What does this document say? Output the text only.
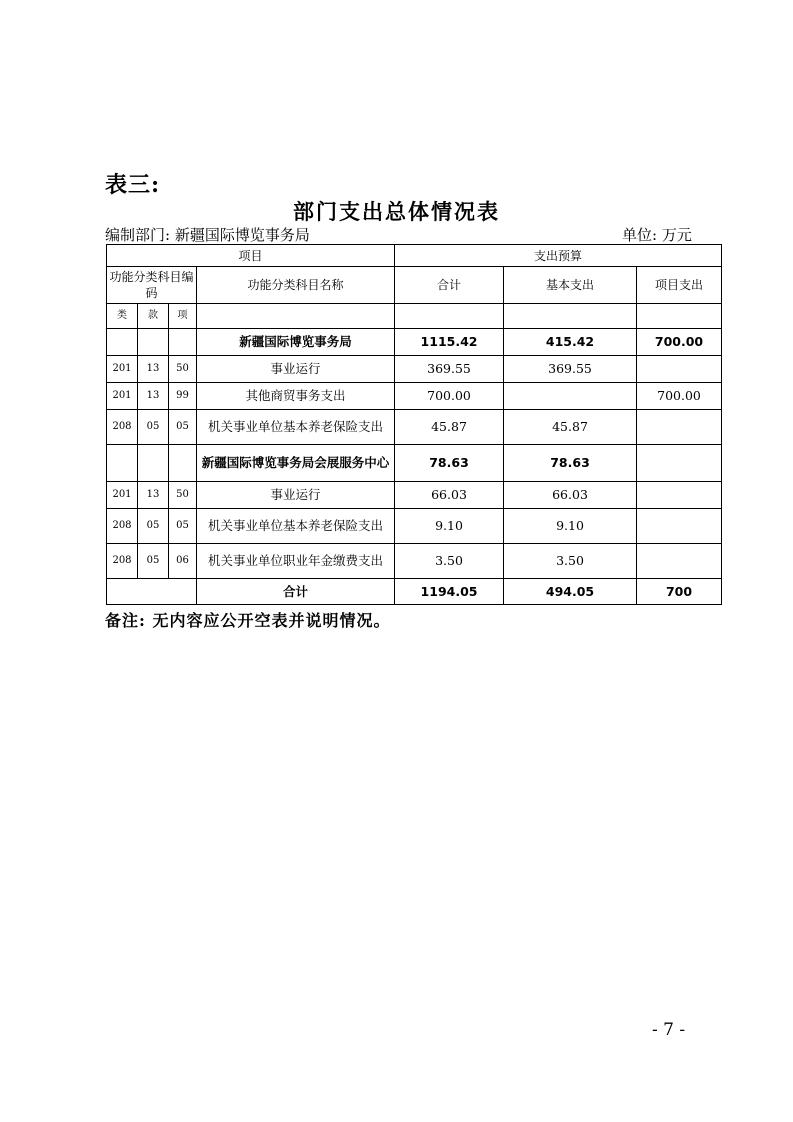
表三:
部门支出总体情况表
编制部门: 新疆国际博览事务局	单位: 万元
项目				支出预算		
功能分类科目编码			功能分类科目名称	合计	基本支出	项目支出
类	款	项				
			新疆国际博览事务局	1115.42	415.42	700.00
201	13	50	事业运行	369.55	369.55	
201	13	99	其他商贸事务支出	700.00		700.00
208	05	05	机关事业单位基本养老保险支出	45.87	45.87	
			新疆国际博览事务局会展服务中心	78.63	78.63	
201	13	50	事业运行	66.03	66.03	
208	05	05	机关事业单位基本养老保险支出	9.10	9.10	
208	05	06	机关事业单位职业年金缴费支出	3.50	3.50	
			合计	1194.05	494.05	700
备注: 无内容应公开空表并说明情况。
- 7 -
